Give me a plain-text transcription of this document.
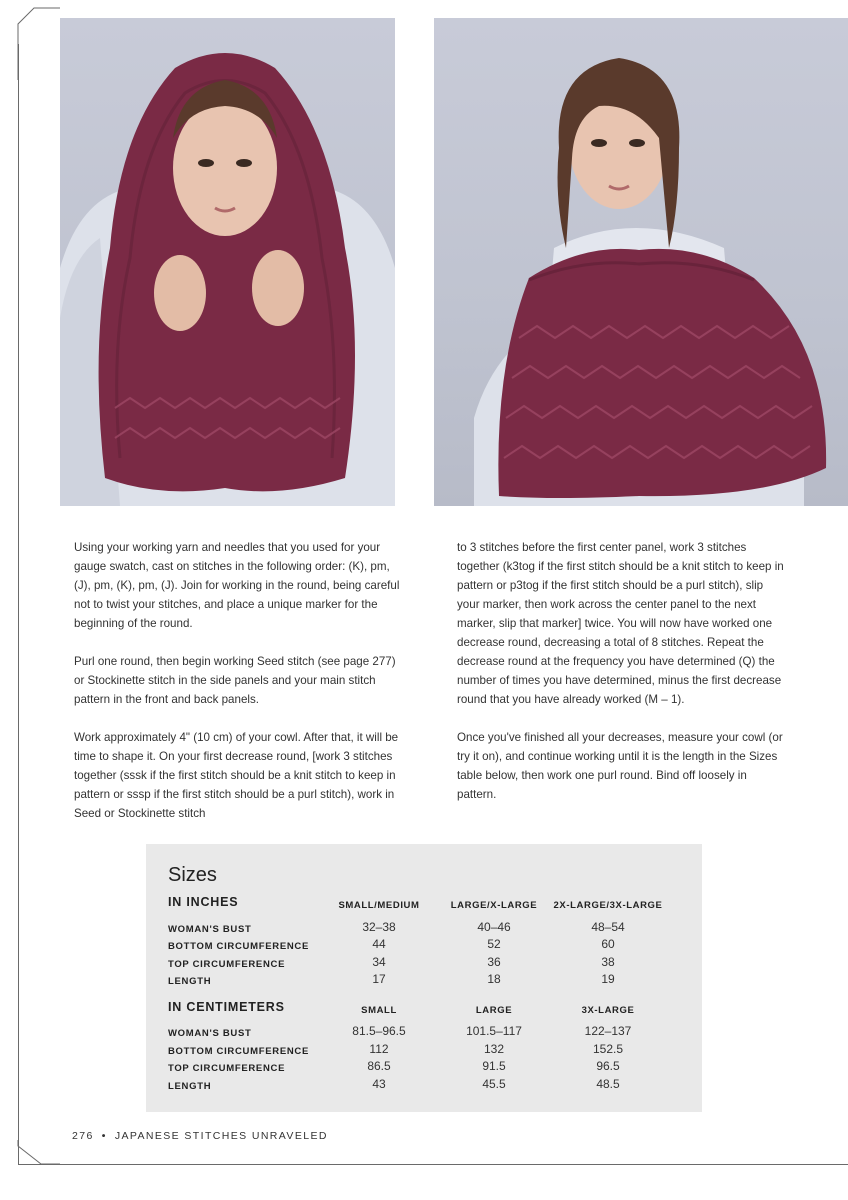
Using your working yarn and needles that you used for your gauge swatch, cast on stitches in the following order: (K), pm, (J), pm, (K), pm, (J). Join for working in the round, being careful not to twist your stitches, and place a unique marker for the beginning of the round.

Purl one round, then begin working Seed stitch (see page 277) or Stockinette stitch in the side panels and your main stitch pattern in the front and back panels.

Work approximately 4" (10 cm) of your cowl. After that, it will be time to shape it. On your first decrease round, [work 3 stitches together (sssk if the first stitch should be a knit stitch to keep in pattern or sssp if the first stitch should be a purl stitch), work in Seed or Stockinette stitch

to 3 stitches before the first center panel, work 3 stitches together (k3tog if the first stitch should be a knit stitch to keep in pattern or p3tog if the first stitch should be a purl stitch), slip your marker, then work across the center panel to the next marker, slip that marker] twice. You will now have worked one decrease round, decreasing a total of 8 stitches. Repeat the decrease round at the frequency you have determined (Q) the number of times you have determined, minus the first decrease round that you have already worked (M – 1).

Once you've finished all your decreases, measure your cowl (or try it on), and continue working until it is the length in the Sizes table below, then work one purl round. Bind off loosely in pattern.

Sizes
IN INCHES	SMALL/MEDIUM	LARGE/X-LARGE	2X-LARGE/3X-LARGE
WOMAN'S BUST	32–38	40–46	48–54
BOTTOM CIRCUMFERENCE	44	52	60
TOP CIRCUMFERENCE	34	36	38
LENGTH	17	18	19
IN CENTIMETERS	SMALL	LARGE	3X-LARGE
WOMAN'S BUST	81.5–96.5	101.5–117	122–137
BOTTOM CIRCUMFERENCE	112	132	152.5
TOP CIRCUMFERENCE	86.5	91.5	96.5
LENGTH	43	45.5	48.5
276 • JAPANESE STITCHES UNRAVELED
